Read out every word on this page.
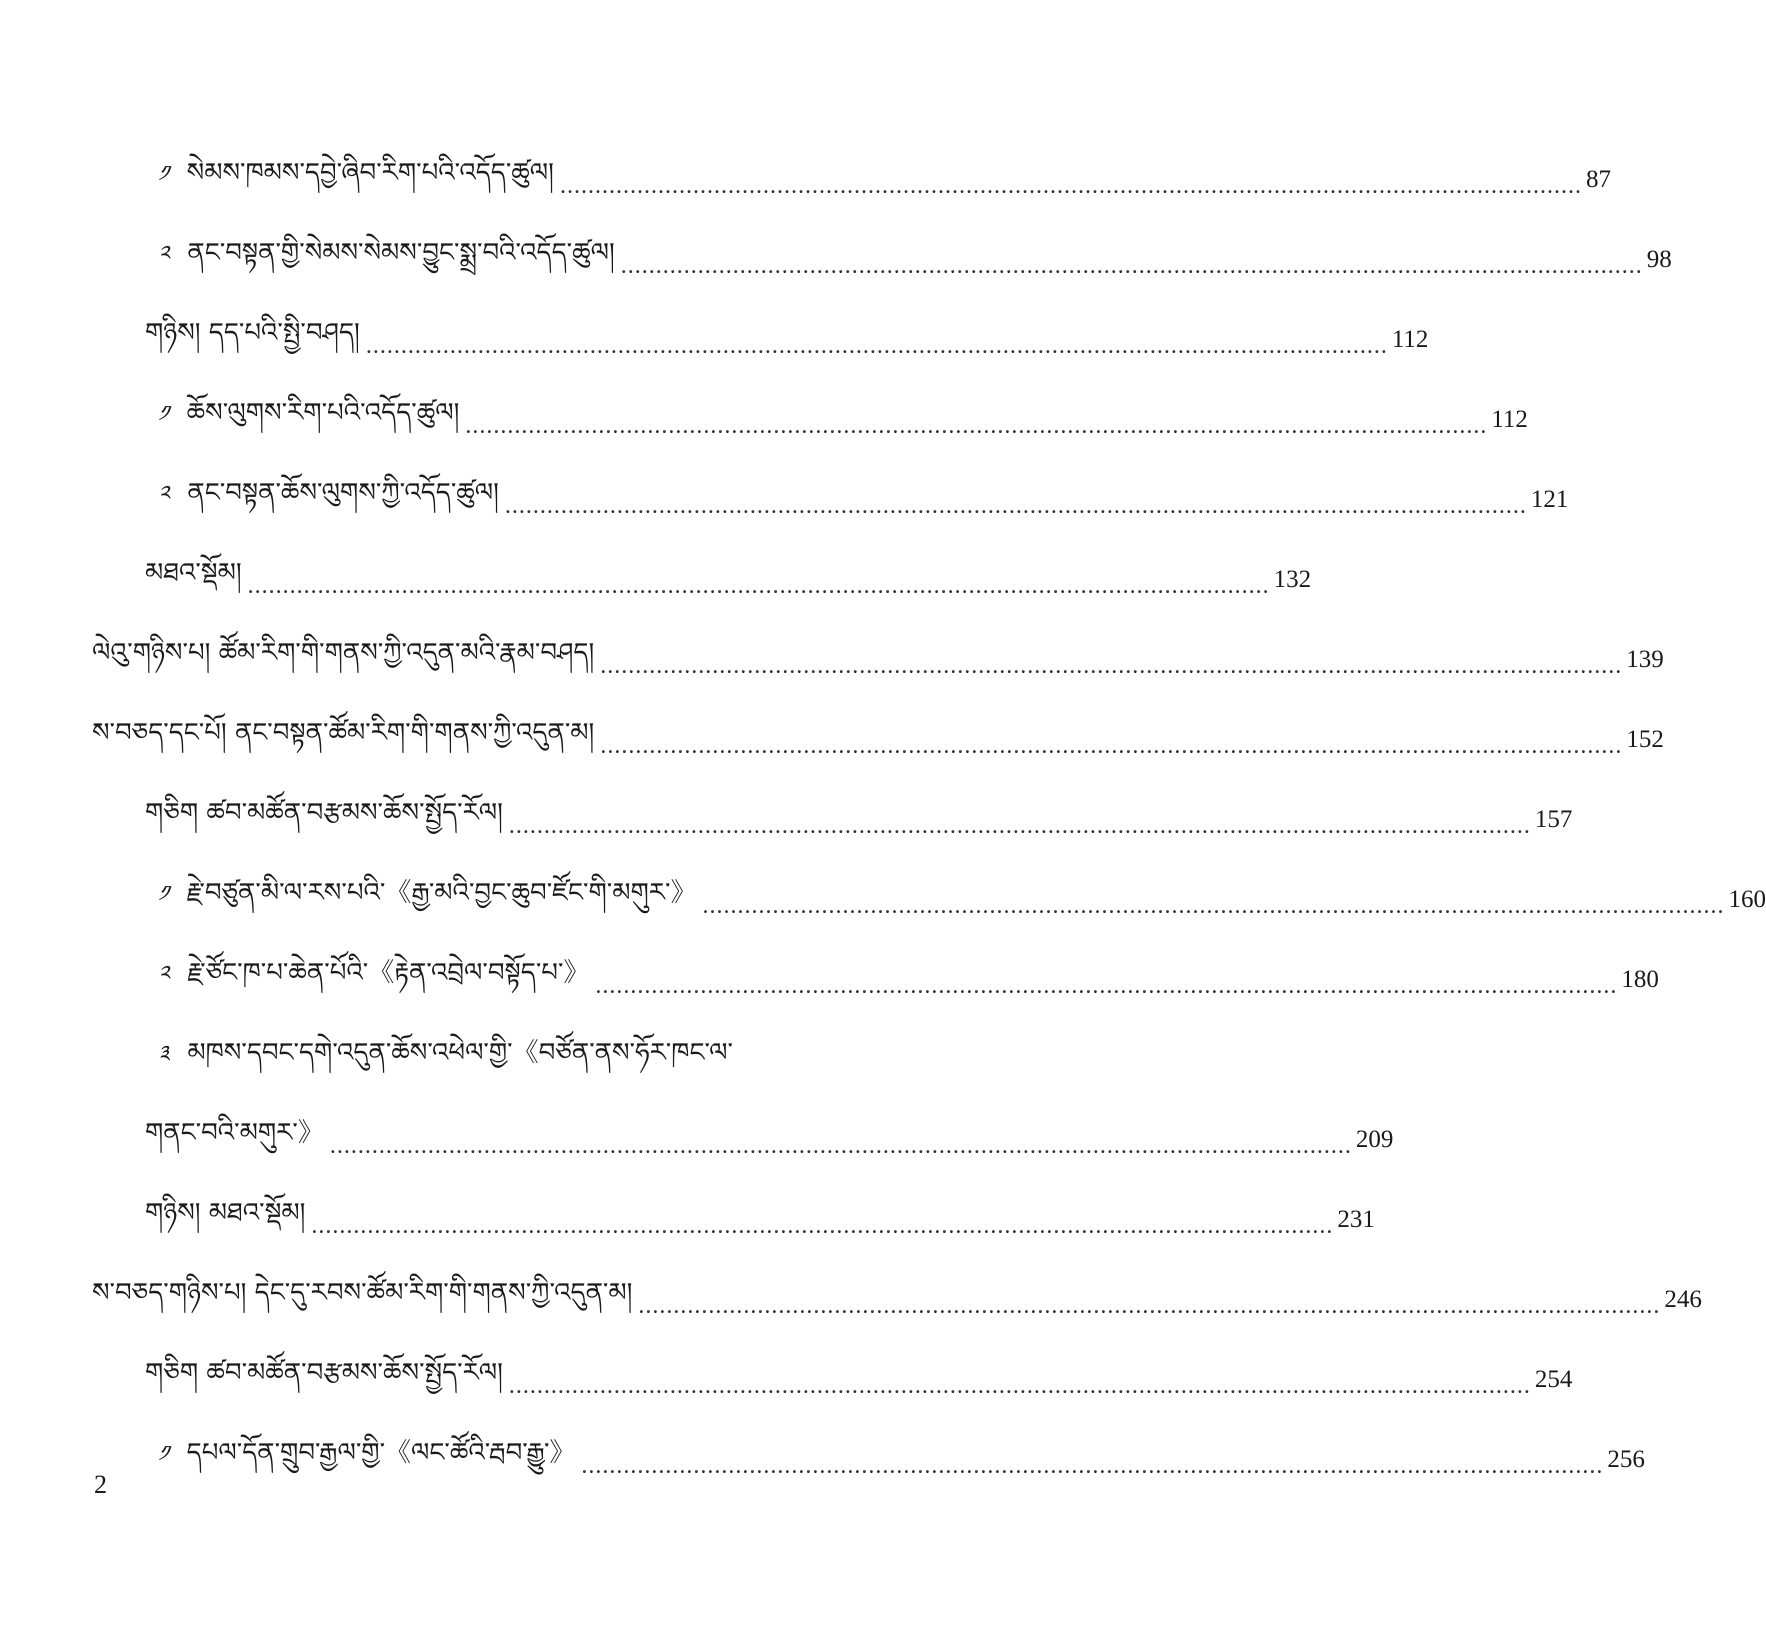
༡ སེམས་ཁམས་དབྱེ་ཞིབ་རིག་པའི་འདོད་ཚུལ། .................................................................................................................................................. 87
༢ ནང་བསྟན་གྱི་སེམས་སེམས་བྱུང་སྨྲ་བའི་འདོད་ཚུལ། .................................................................................................................................................. 98
གཉིས། དད་པའི་སྤྱི་བཤད། .................................................................................................................................................. 112
༡ ཆོས་ལུགས་རིག་པའི་འདོད་ཚུལ། .................................................................................................................................................. 112
༢ ནང་བསྟན་ཆོས་ལུགས་ཀྱི་འདོད་ཚུལ། .................................................................................................................................................. 121
མཐའ་སྡོམ། .................................................................................................................................................. 132
ལེའུ་གཉིས་པ། ཚོམ་རིག་གི་གནས་ཀྱི་འདུན་མའི་རྣམ་བཤད། .................................................................................................................................................. 139
ས་བཅད་དང་པོ། ནང་བསྟན་ཚོམ་རིག་གི་གནས་ཀྱི་འདུན་མ། .................................................................................................................................................. 152
གཅིག ཚབ་མཚོན་བརྩམས་ཆོས་སྤྱོད་རོལ། .................................................................................................................................................. 157
༡ རྗེ་བཙུན་མི་ལ་རས་པའི་《རྒྱ་མའི་བྱང་ཆུབ་ཛོང་གི་མགུར་》 .................................................................................................................................................. 160
༢ རྗེ་ཙོང་ཁ་པ་ཆེན་པོའི་《རྟེན་འབྲེལ་བསྟོད་པ་》 .................................................................................................................................................. 180
༣ མཁས་དབང་དགེ་འདུན་ཆོས་འཕེལ་གྱི་《བཙོན་ནས་ཧོར་ཁང་ལ་
གནང་བའི་མགུར་》 .................................................................................................................................................. 209
གཉིས། མཐའ་སྡོམ། .................................................................................................................................................. 231
ས་བཅད་གཉིས་པ། དེང་དུ་རབས་ཚོམ་རིག་གི་གནས་ཀྱི་འདུན་མ། .................................................................................................................................................. 246
གཅིག ཚབ་མཚོན་བརྩམས་ཆོས་སྤྱོད་རོལ། .................................................................................................................................................. 254
༡ དཔལ་དོན་གྲུབ་རྒྱལ་གྱི་《ལང་ཚོའི་རྦབ་རྒྱུ་》 .................................................................................................................................................. 256
2
